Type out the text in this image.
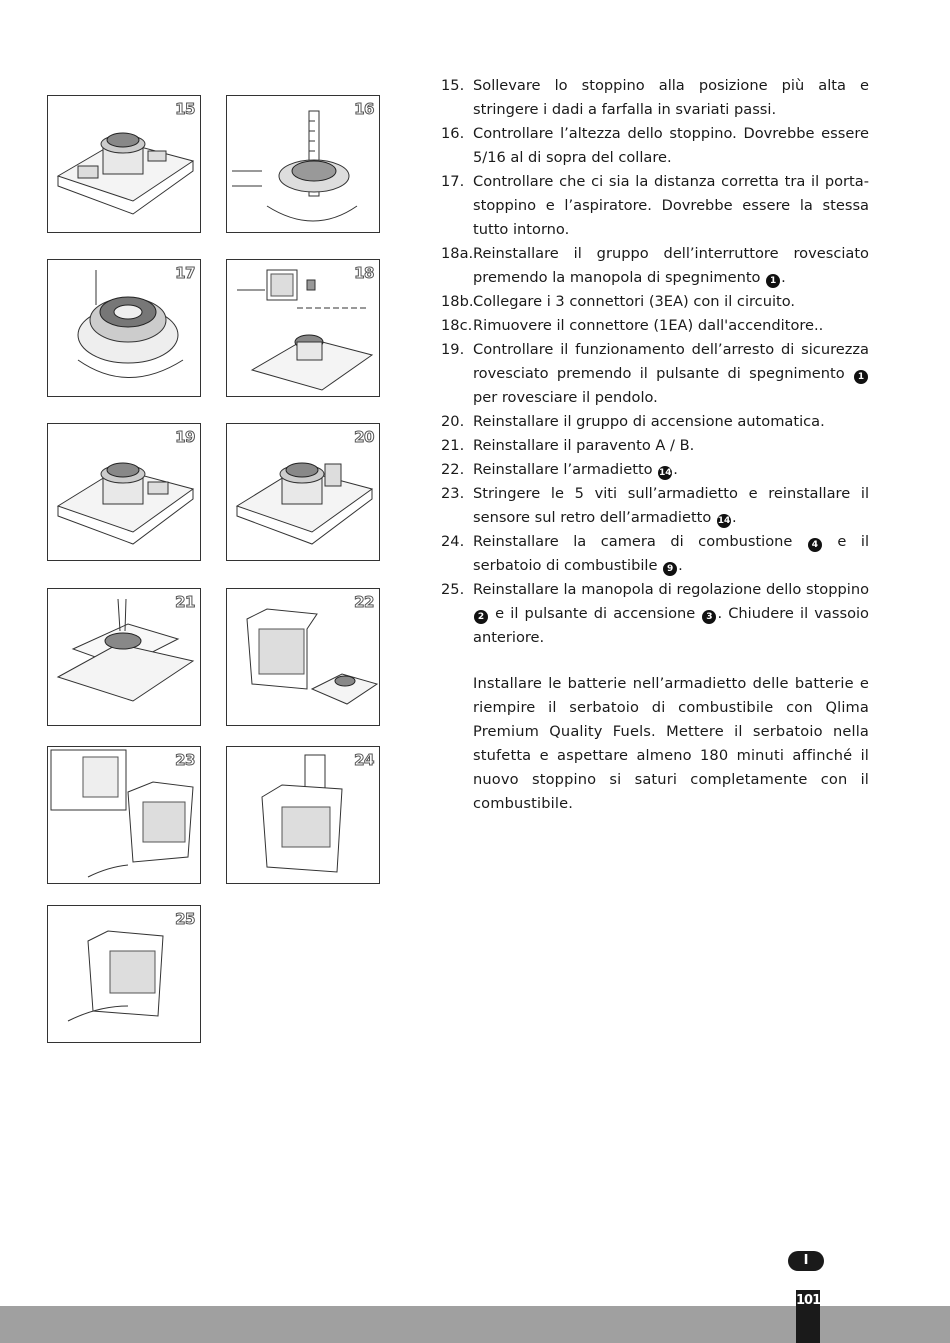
15	16
17	18
19	20
21	22
23	24
25
15. Sollevare lo stoppino alla posizione più alta e stringere i dadi a farfalla in svariati passi.
16. Controllare l’altezza dello stoppino. Dovrebbe essere 5/16 al di sopra del collare.
17. Controllare che ci sia la distanza corretta tra il porta-stoppino e l’aspiratore. Dovrebbe essere la stessa tutto intorno.
18a. Reinstallare il gruppo dell’interruttore rovesciato premendo la manopola di spegnimento 1 .
18b. Collegare i 3 connettori (3EA) con il circuito.
18c. Rimuovere il connettore (1EA) dall'accenditore..
19. Controllare il funzionamento dell’arresto di sicurezza rovesciato premendo il pulsante di spegnimento 1 per rovesciare il pendolo.
20. Reinstallare il gruppo di accensione automatica.
21. Reinstallare il paravento A / B.
22. Reinstallare l’armadietto 14 .
23. Stringere le 5 viti sull’armadietto e reinstallare il sensore sul retro dell’armadietto 14 .
24. Reinstallare la camera di combustione 4 e il serbatoio di combustibile 9 .
25. Reinstallare la manopola di regolazione dello stoppino 2 e il pulsante di accensione 3 . Chiudere il vassoio anteriore.
Installare le batterie nell’armadietto delle batterie e riempire il serbatoio di combustibile con Qlima Premium Quality Fuels. Mettere il serbatoio nella stufetta e aspettare almeno 180 minuti affinché il nuovo stoppino si saturi completamente con il combustibile.
I
101
